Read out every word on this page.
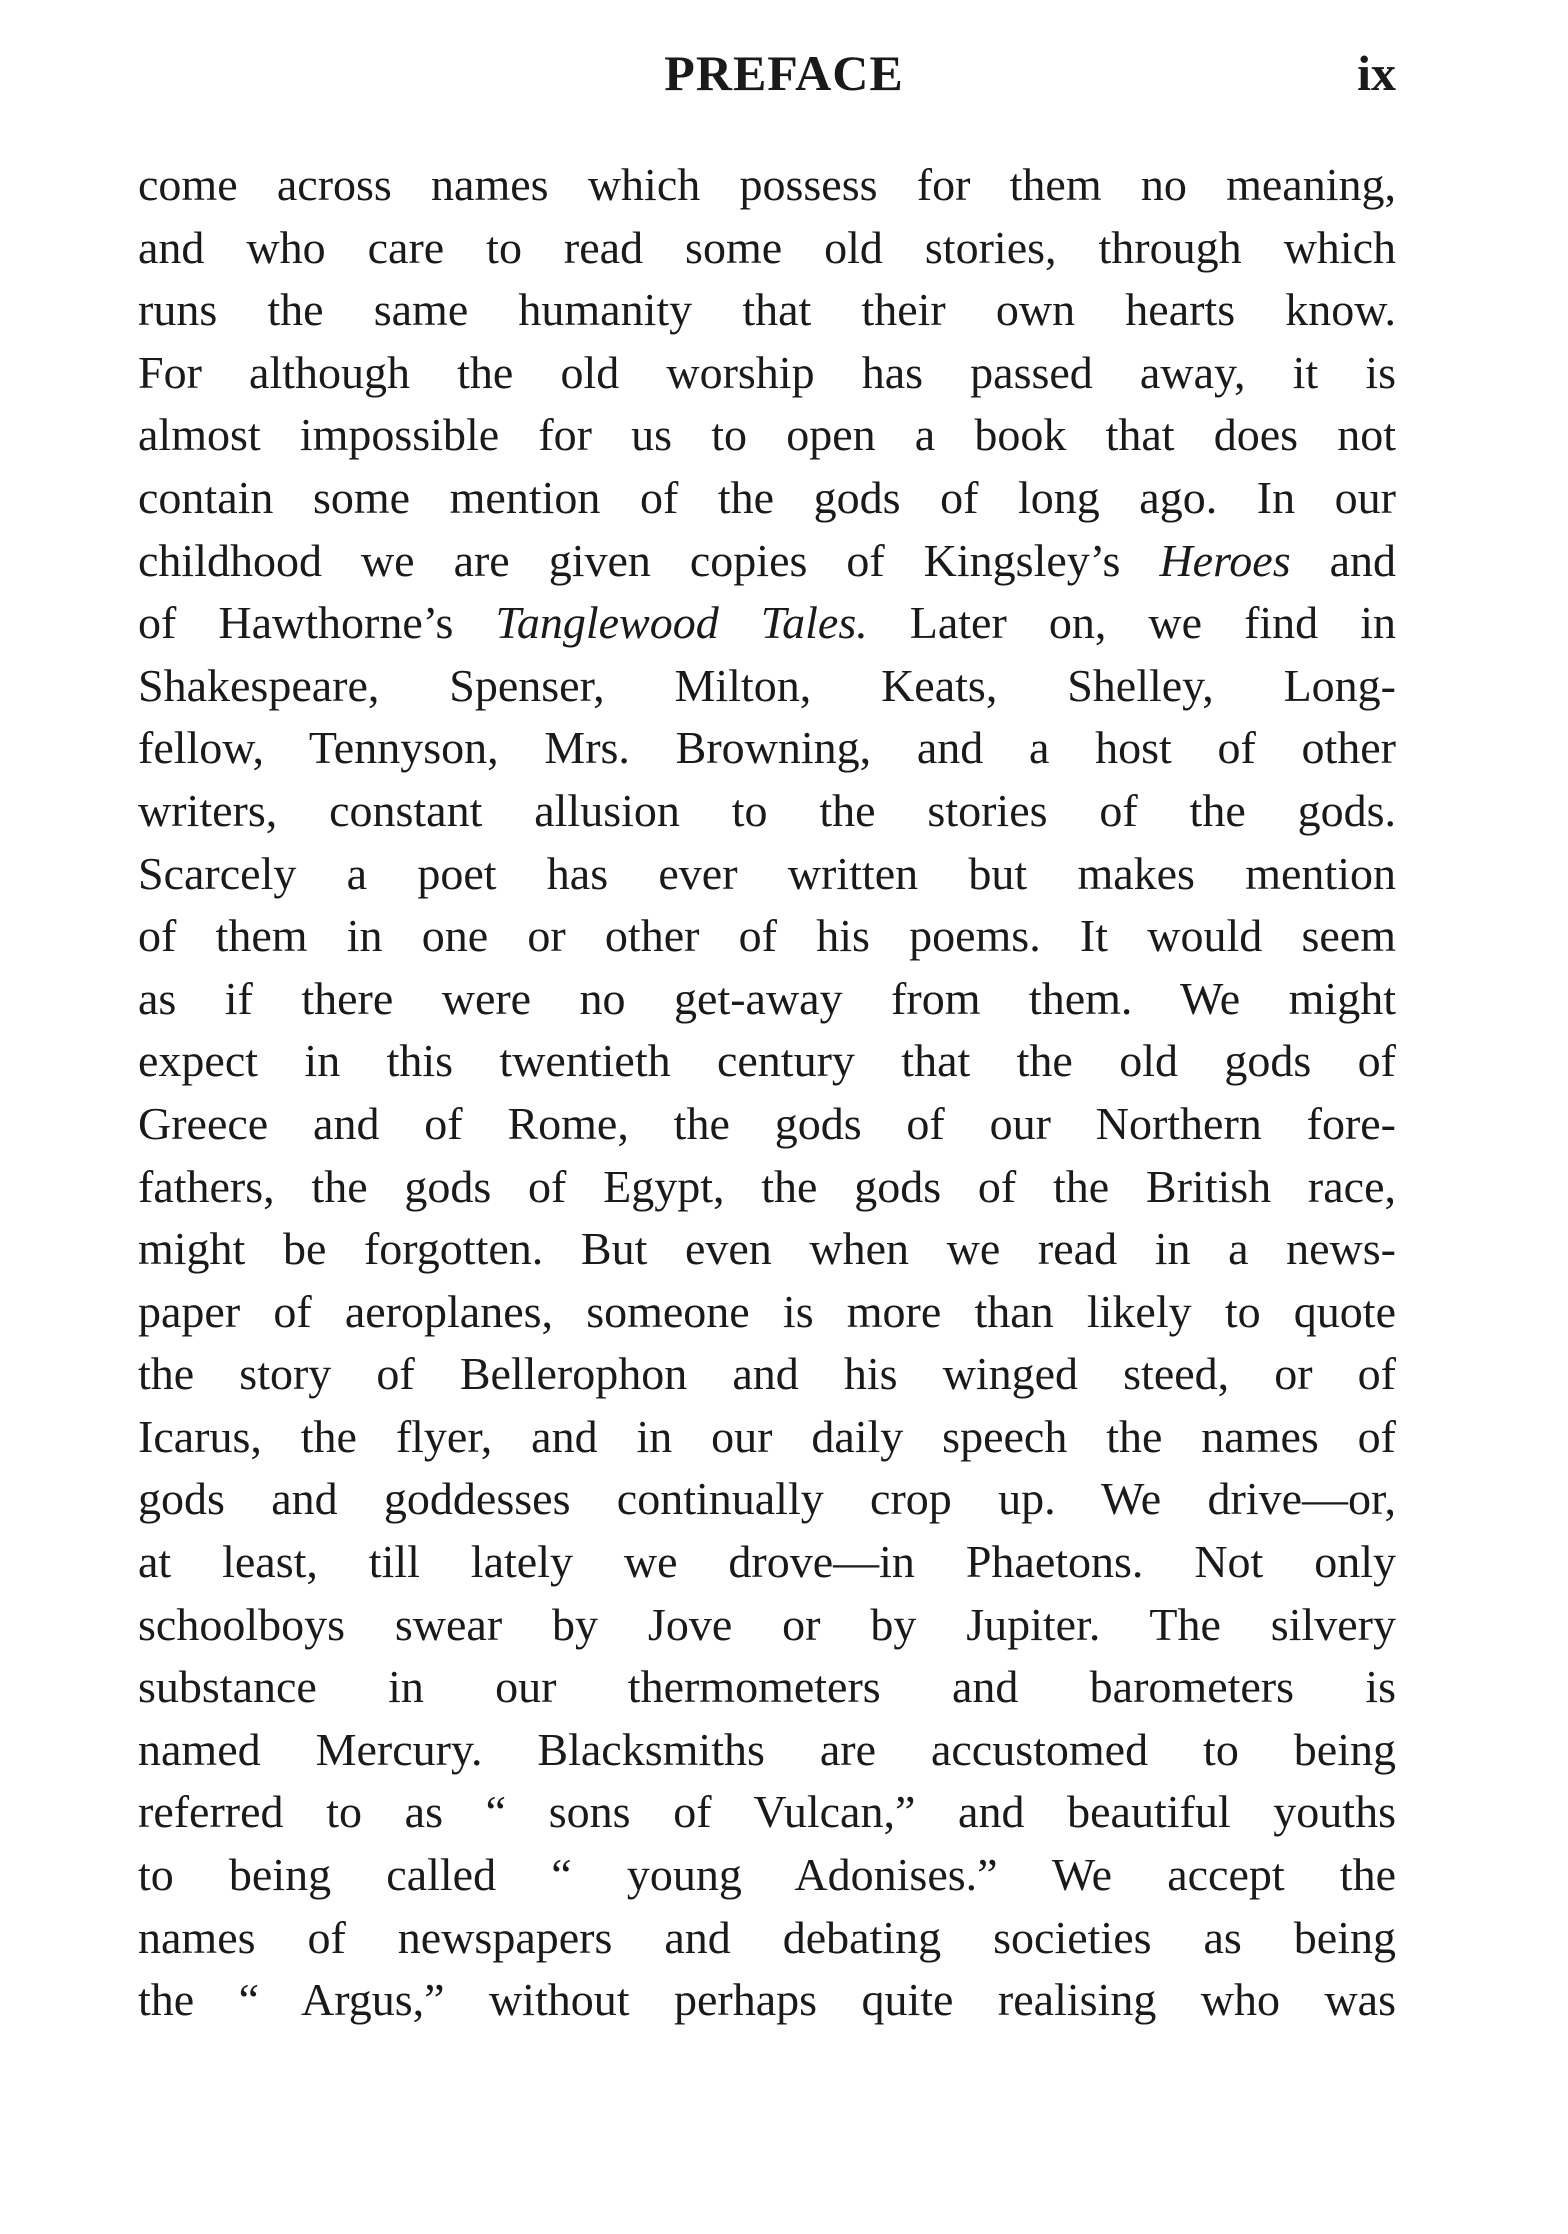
PREFACE	ix
come across names which possess for them no meaning,
and who care to read some old stories, through which
runs the same humanity that their own hearts know.
For although the old worship has passed away, it is
almost impossible for us to open a book that does not
contain some mention of the gods of long ago. In our
childhood we are given copies of Kingsley’s Heroes and
of Hawthorne’s Tanglewood Tales. Later on, we find in
Shakespeare, Spenser, Milton, Keats, Shelley, Long-
fellow, Tennyson, Mrs. Browning, and a host of other
writers, constant allusion to the stories of the gods.
Scarcely a poet has ever written but makes mention
of them in one or other of his poems. It would seem
as if there were no get-away from them. We might
expect in this twentieth century that the old gods of
Greece and of Rome, the gods of our Northern fore-
fathers, the gods of Egypt, the gods of the British race,
might be forgotten. But even when we read in a news-
paper of aeroplanes, someone is more than likely to quote
the story of Bellerophon and his winged steed, or of
Icarus, the flyer, and in our daily speech the names of
gods and goddesses continually crop up. We drive—or,
at least, till lately we drove—in Phaetons. Not only
schoolboys swear by Jove or by Jupiter. The silvery
substance in our thermometers and barometers is
named Mercury. Blacksmiths are accustomed to being
referred to as “ sons of Vulcan,” and beautiful youths
to being called “ young Adonises.” We accept the
names of newspapers and debating societies as being
the “ Argus,” without perhaps quite realising who was
